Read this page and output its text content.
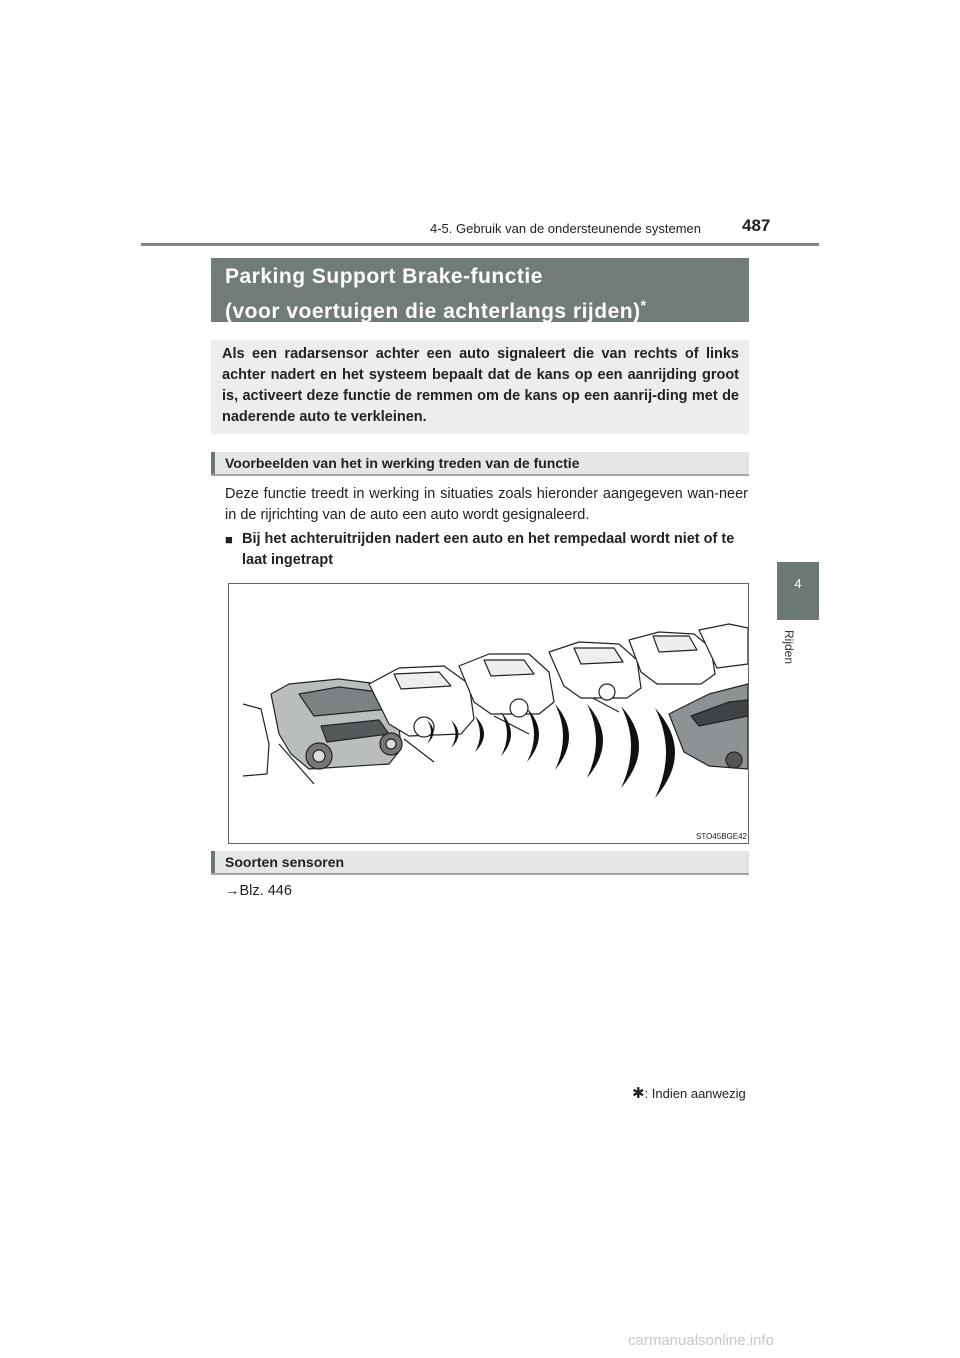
4-5. Gebruik van de ondersteunende systemen 487
4
Rijden
Parking Support Brake-functie
(voor voertuigen die achterlangs rijden)*
Als een radarsensor achter een auto signaleert die van rechts of links achter nadert en het systeem bepaalt dat de kans op een aanrijding groot is, activeert deze functie de remmen om de kans op een aanrij-ding met de naderende auto te verkleinen.
Voorbeelden van het in werking treden van de functie
Deze functie treedt in werking in situaties zoals hieronder aangegeven wan-neer in de rijrichting van de auto een auto wordt gesignaleerd.
■ Bij het achteruitrijden nadert een auto en het rempedaal wordt niet of te laat ingetrapt
STO45BGE42
Soorten sensoren
→Blz. 446
✱: Indien aanwezig
carmanualsonline.info
